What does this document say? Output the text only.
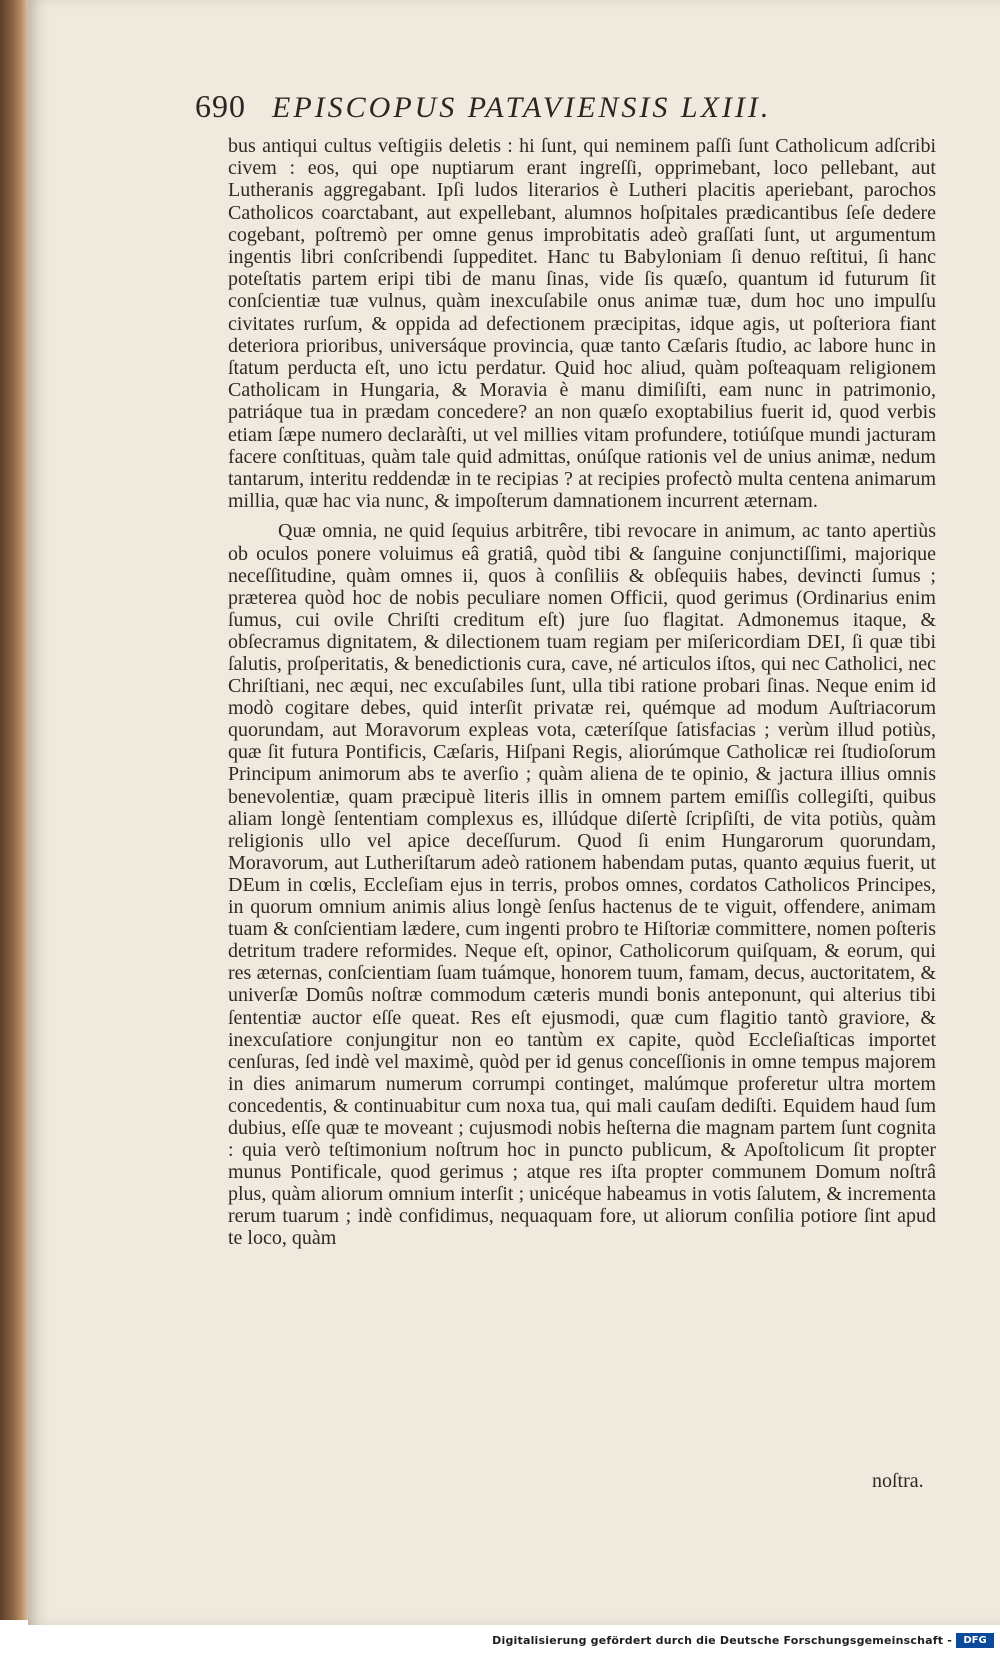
690 EPISCOPUS PATAVIENSIS LXIII.

bus antiqui cultus veſtigiis deletis : hi ſunt, qui neminem paſſi ſunt Catholicum adſcribi civem : eos, qui ope nuptiarum erant ingreſſi, opprimebant, loco pellebant, aut Lutheranis aggregabant. Ipſi ludos literarios è Lutheri placitis aperiebant, parochos Catholicos coarctabant, aut expellebant, alumnos hoſpitales prædicantibus ſeſe dedere cogebant, poſtremò per omne genus improbitatis adeò graſſati ſunt, ut argumentum ingentis libri conſcribendi ſuppeditet. Hanc tu Babyloniam ſi denuo reſtitui, ſi hanc poteſtatis partem eripi tibi de manu ſinas, vide ſis quæſo, quantum id futurum ſit conſcientiæ tuæ vulnus, quàm inexcuſabile onus animæ tuæ, dum hoc uno impulſu civitates rurſum, & oppida ad defectionem præcipitas, idque agis, ut poſteriora fiant deteriora prioribus, universáque provincia, quæ tanto Cæſaris ſtudio, ac labore hunc in ſtatum perducta eſt, uno ictu perdatur. Quid hoc aliud, quàm poſteaquam religionem Catholicam in Hungaria, & Moravia è manu dimiſiſti, eam nunc in patrimonio, patriáque tua in prædam concedere? an non quæſo exoptabilius fuerit id, quod verbis etiam ſæpe numero declaràſti, ut vel millies vitam profundere, totiúſque mundi jacturam facere conſtituas, quàm tale quid admittas, onúſque rationis vel de unius animæ, nedum tantarum, interitu reddendæ in te recipias ? at recipies profectò multa centena animarum millia, quæ hac via nunc, & impoſterum damnationem incurrent æternam.

Quæ omnia, ne quid ſequius arbitrêre, tibi revocare in animum, ac tanto apertiùs ob oculos ponere voluimus eâ gratiâ, quòd tibi & ſanguine conjunctiſſimi, majorique neceſſitudine, quàm omnes ii, quos à conſiliis & obſequiis habes, devincti ſumus ; præterea quòd hoc de nobis peculiare nomen Officii, quod gerimus (Ordinarius enim ſumus, cui ovile Chriſti creditum eſt) jure ſuo flagitat. Admonemus itaque, & obſecramus dignitatem, & dilectionem tuam regiam per miſericordiam DEI, ſi quæ tibi ſalutis, proſperitatis, & benedictionis cura, cave, né articulos iſtos, qui nec Catholici, nec Chriſtiani, nec æqui, nec excuſabiles ſunt, ulla tibi ratione probari ſinas. Neque enim id modò cogitare debes, quid interſit privatæ rei, quémque ad modum Auſtriacorum quorundam, aut Moravorum expleas vota, cæteríſque ſatisfacias ; verùm illud potiùs, quæ ſit futura Pontificis, Cæſaris, Hiſpani Regis, aliorúmque Catholicæ rei ſtudioſorum Principum animorum abs te averſio ; quàm aliena de te opinio, & jactura illius omnis benevolentiæ, quam præcipuè literis illis in omnem partem emiſſis collegiſti, quibus aliam longè ſententiam complexus es, illúdque diſertè ſcripſiſti, de vita potiùs, quàm religionis ullo vel apice deceſſurum. Quod ſi enim Hungarorum quorundam, Moravorum, aut Lutheriſtarum adeò rationem habendam putas, quanto æquius fuerit, ut DEum in cœlis, Eccleſiam ejus in terris, probos omnes, cordatos Catholicos Principes, in quorum omnium animis alius longè ſenſus hactenus de te viguit, offendere, animam tuam & conſcientiam lædere, cum ingenti probro te Hiſtoriæ committere, nomen poſteris detritum tradere reformides. Neque eſt, opinor, Catholicorum quiſquam, & eorum, qui res æternas, conſcientiam ſuam tuámque, honorem tuum, famam, decus, auctoritatem, & univerſæ Domûs noſtræ commodum cæteris mundi bonis anteponunt, qui alterius tibi ſententiæ auctor eſſe queat. Res eſt ejusmodi, quæ cum flagitio tantò graviore, & inexcuſatiore conjungitur non eo tantùm ex capite, quòd Eccleſiaſticas importet cenſuras, ſed indè vel maximè, quòd per id genus conceſſionis in omne tempus majorem in dies animarum numerum corrumpi continget, malúmque proferetur ultra mortem concedentis, & continuabitur cum noxa tua, qui mali cauſam dediſti. Equidem haud ſum dubius, eſſe quæ te moveant ; cujusmodi nobis heſterna die magnam partem ſunt cognita : quia verò teſtimonium noſtrum hoc in puncto publicum, & Apoſtolicum ſit propter munus Pontificale, quod gerimus ; atque res iſta propter communem Domum noſtrâ plus, quàm aliorum omnium interſit ; unicéque habeamus in votis ſalutem, & incrementa rerum tuarum ; indè confidimus, nequaquam fore, ut aliorum conſilia potiore ſint apud te loco, quàm

noſtra.
Digitalisierung gefördert durch die Deutsche Forschungsgemeinschaft -	DFG
